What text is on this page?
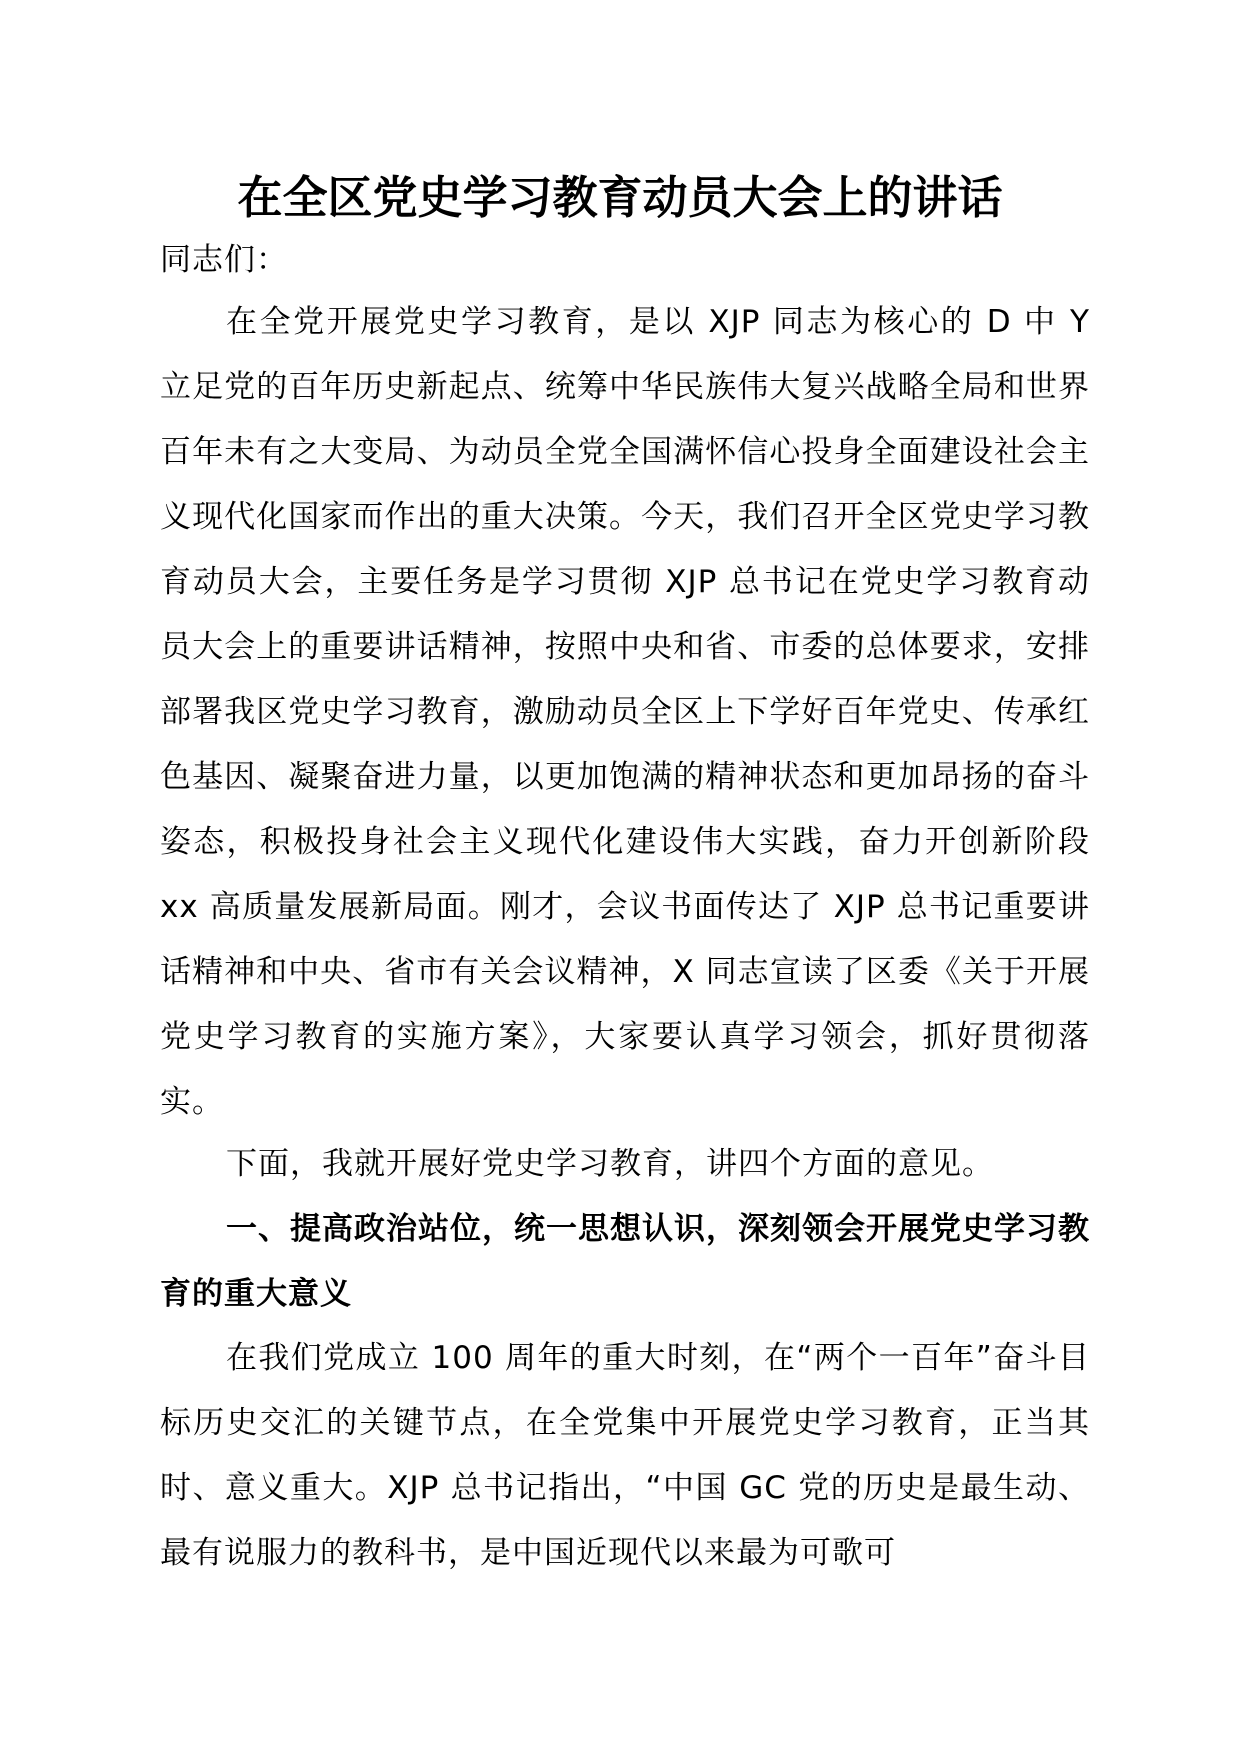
在全区党史学习教育动员大会上的讲话

同志们：

在全党开展党史学习教育，是以 XJP 同志为核心的 D 中 Y 立足党的百年历史新起点、统筹中华民族伟大复兴战略全局和世界百年未有之大变局、为动员全党全国满怀信心投身全面建设社会主义现代化国家而作出的重大决策。今天，我们召开全区党史学习教育动员大会，主要任务是学习贯彻 XJP 总书记在党史学习教育动员大会上的重要讲话精神，按照中央和省、市委的总体要求，安排部署我区党史学习教育，激励动员全区上下学好百年党史、传承红色基因、凝聚奋进力量，以更加饱满的精神状态和更加昂扬的奋斗姿态，积极投身社会主义现代化建设伟大实践，奋力开创新阶段 xx 高质量发展新局面。刚才，会议书面传达了 XJP 总书记重要讲话精神和中央、省市有关会议精神，X 同志宣读了区委《关于开展党史学习教育的实施方案》，大家要认真学习领会，抓好贯彻落实。

下面，我就开展好党史学习教育，讲四个方面的意见。

一、提高政治站位，统一思想认识，深刻领会开展党史学习教育的重大意义

在我们党成立 100 周年的重大时刻，在“两个一百年”奋斗目标历史交汇的关键节点，在全党集中开展党史学习教育，正当其时、意义重大。XJP 总书记指出，“中国 GC 党的历史是最生动、最有说服力的教科书，是中国近现代以来最为可歌可
